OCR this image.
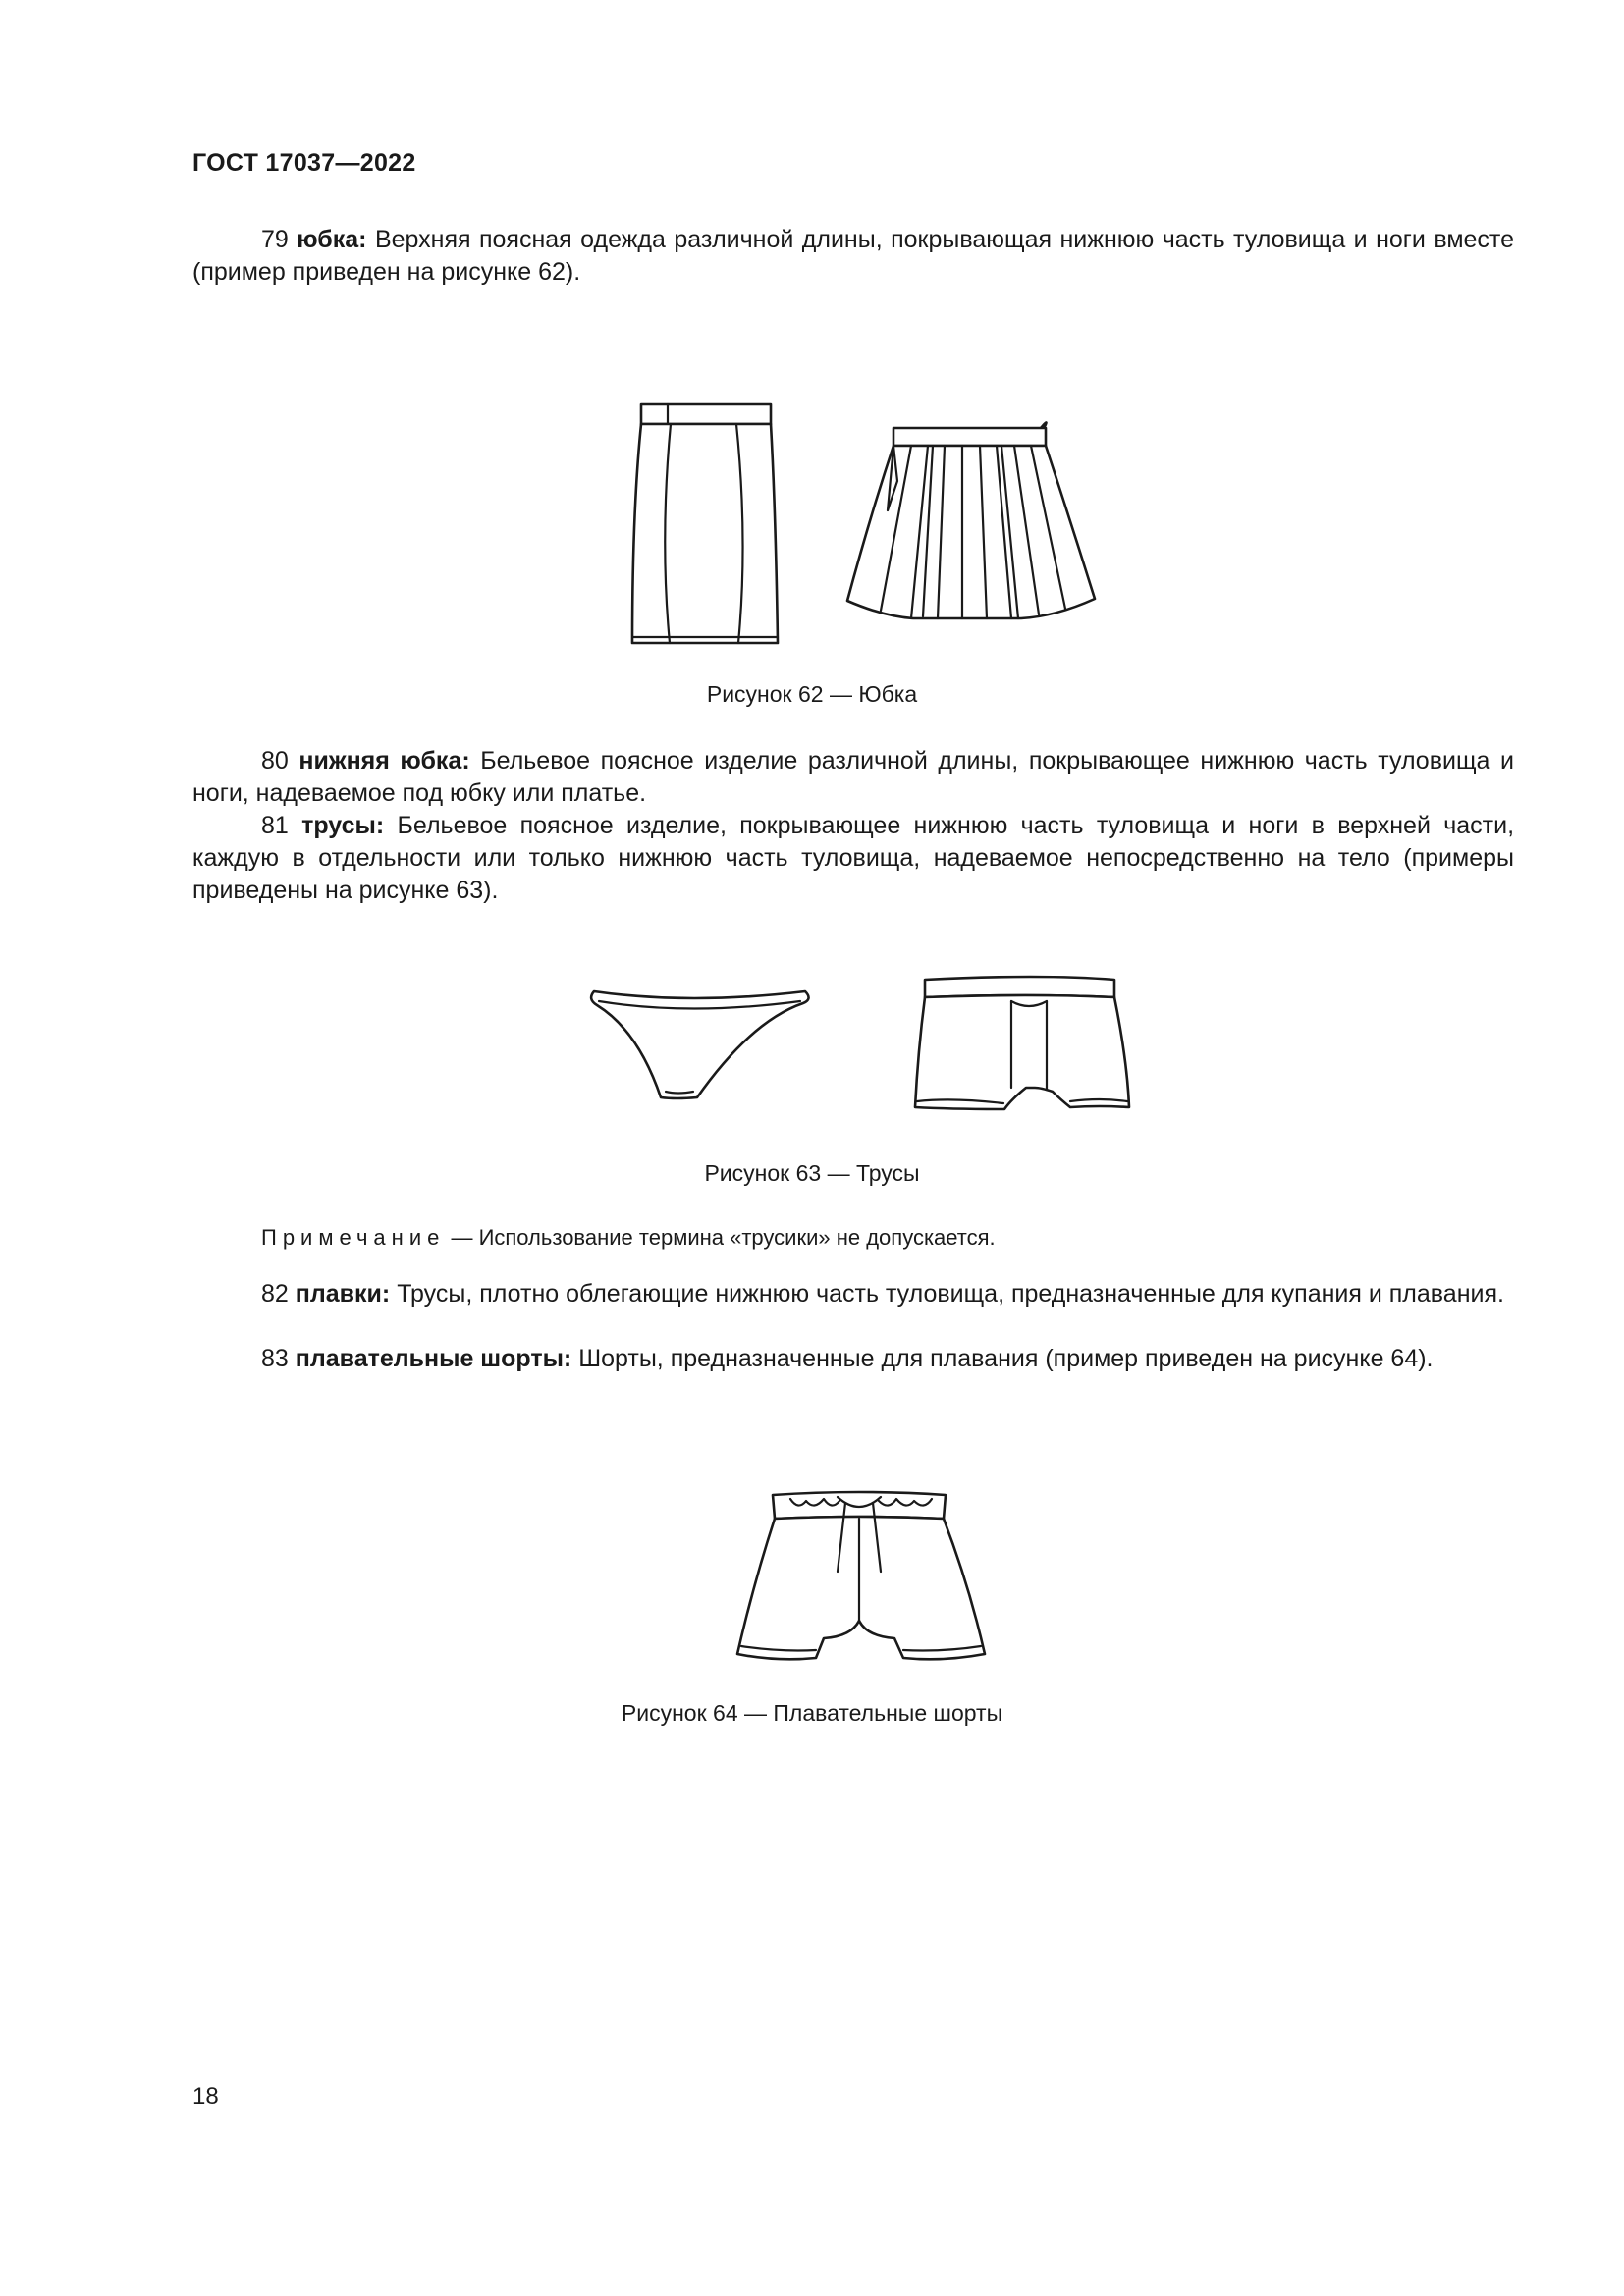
ГОСТ 17037—2022

79 юбка: Верхняя поясная одежда различной длины, покрывающая нижнюю часть туловища и ноги вместе (пример приведен на рисунке 62).

Рисунок 62 — Юбка

80 нижняя юбка: Бельевое поясное изделие различной длины, покрывающее нижнюю часть туловища и ноги, надеваемое под юбку или платье.

81 трусы: Бельевое поясное изделие, покрывающее нижнюю часть туловища и ноги в верхней части, каждую в отдельности или только нижнюю часть туловища, надеваемое непосредственно на тело (примеры приведены на рисунке 63).

Рисунок 63 — Трусы
Примечание — Использование термина «трусики» не допускается.

82 плавки: Трусы, плотно облегающие нижнюю часть туловища, предназначенные для купания и плавания.

83 плавательные шорты: Шорты, предназначенные для плавания (пример приведен на рисунке 64).

Рисунок 64 — Плавательные шорты
18
